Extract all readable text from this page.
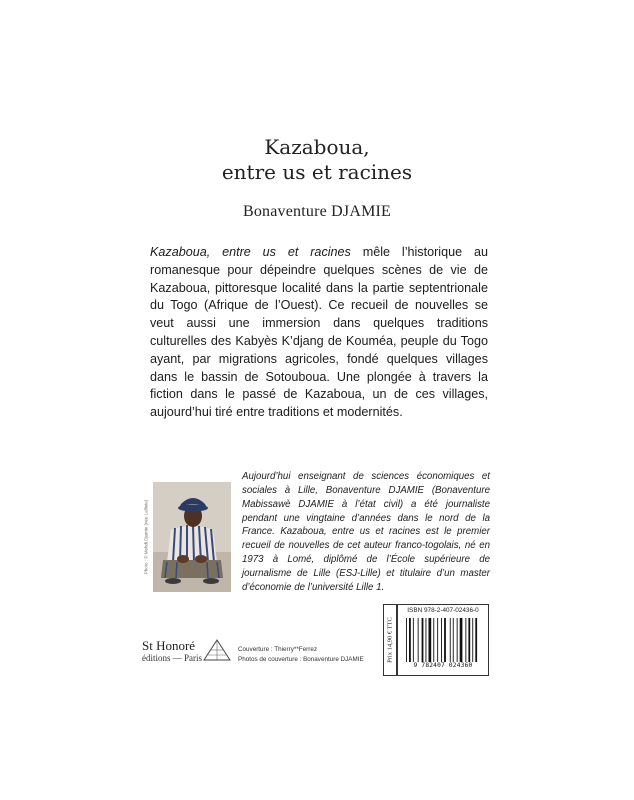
Kazaboua,
entre us et racines
Bonaventure DJAMIE

Kazaboua, entre us et racines mêle l’historique au romanesque pour dépeindre quelques scènes de vie de Kazaboua, pittoresque localité dans la partie septentrionale du Togo (Afrique de l’Ouest). Ce recueil de nouvelles se veut aussi une immersion dans quelques traditions culturelles des Kabyès K’djang de Kouméa, peuple du Togo ayant, par migrations agricoles, fondé quelques villages dans le bassin de Sotouboua. Une plongée à travers la fiction dans le passé de Kazaboua, un de ces villages, aujourd’hui tiré entre traditions et modernités.

Photo : © Mehdi Djamie (née Lallinie)

Aujourd’hui enseignant de sciences économiques et sociales à Lille, Bonaventure DJAMIE (Bonaventure Mabissawè DJAMIE à l’état civil) a été journaliste pendant une vingtaine d’années dans le nord de la France. Kazaboua, entre us et racines est le premier recueil de nouvelles de cet auteur franco-togolais, né en 1973 à Lomé, diplômé de l’École supérieure de journalisme de Lille (ESJ-Lille) et titulaire d’un master d’économie de l’université Lille 1.

St Honoré
éditions — Paris
Couverture : Thierry**Ferrez
Photos de couverture : Bonaventure DJAMIE	Prix 14,90 € TTC
ISBN 978-2-407-02436-0
9 782407 024360
